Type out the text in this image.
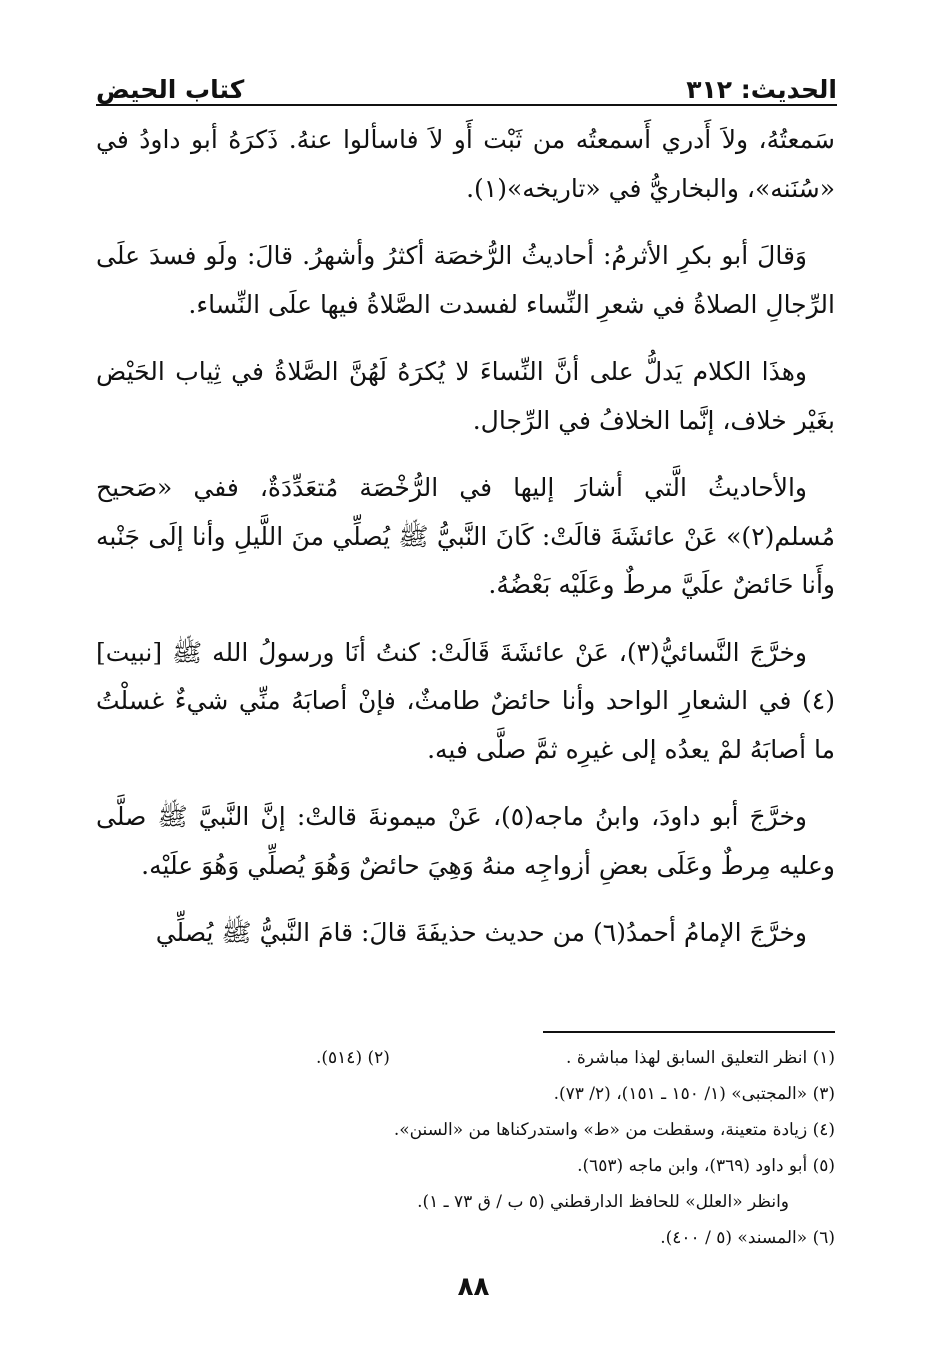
الحديث: ٣١٢
كتاب الحيض

سَمعتُهُ، ولاَ أَدري أَسمعتُه من ثَبْت أَو لاَ فاسألوا عنهُ. ذَكرَهُ أبو داودُ في «سُنَنه»، والبخاريُّ في «تاريخه»(١).

وَقالَ أبو بكرِ الأثرمُ: أحاديثُ الرُّخصَة أكثرُ وأشهرُ. قالَ: ولَو فسدَ علَى الرِّجالِ الصلاةُ في شعرِ النِّساء لفسدت الصَّلاةُ فيها علَى النِّساء.

وهذَا الكلام يَدلُّ على أنَّ النِّساءَ لا يُكرَهُ لَهُنَّ الصَّلاةُ في ثِياب الحَيْض بغَيْر خلاف، إنَّما الخلافُ في الرِّجال.

والأحاديثُ الَّتي أشارَ إليها في الرُّخْصَة مُتعَدِّدَةٌ، ففي «صَحيح مُسلم(٢)» عَنْ عائشَةَ قالَتْ: كَانَ النَّبيُّ ﷺ يُصلِّي منَ اللَّيلِ وأنا إلَى جَنْبه وأَنا حَائضٌ علَيَّ مرطٌ وعَلَيْه بَعْضُهُ.

وخرَّجَ النَّسائيُّ(٣)، عَنْ عائشَةَ قَالَتْ: كنتُ أنَا ورسولُ الله ﷺ [نبيت](٤) في الشعارِ الواحد وأنا حائضٌ طامثٌ، فإنْ أصابَهُ منِّي شيءٌ غسلْتُ ما أصابَهُ لمْ يعدُه إلى غيرِه ثمَّ صلَّى فيه.

وخرَّجَ أبو داودَ، وابنُ ماجه(٥)، عَنْ ميمونةَ قالتْ: إنَّ النَّبيَّ ﷺ صلَّى وعليه مِرطٌ وعَلَى بعضِ أزواجِه منهُ وَهِيَ حائضٌ وَهُوَ يُصلِّي وَهُوَ علَيْه.

وخرَّجَ الإمامُ أحمدُ(٦) من حديث حذيفَةَ قالَ: قامَ النَّبيُّ ﷺ يُصلِّي

(١) انظر التعليق السابق لهذا مباشرة .
(٢) (٥١٤).
(٣) «المجتبى» (١/ ١٥٠ ـ ١٥١)، (٢/ ٧٣).
(٤) زيادة متعينة، وسقطت من «ط» واستدركناها من «السنن».
(٥) أبو داود (٣٦٩)، وابن ماجه (٦٥٣).
وانظر «العلل» للحافظ الدارقطني (٥ ب / ق ٧٣ ـ ١).
(٦) «المسند» (٥ / ٤٠٠).
٨٨
